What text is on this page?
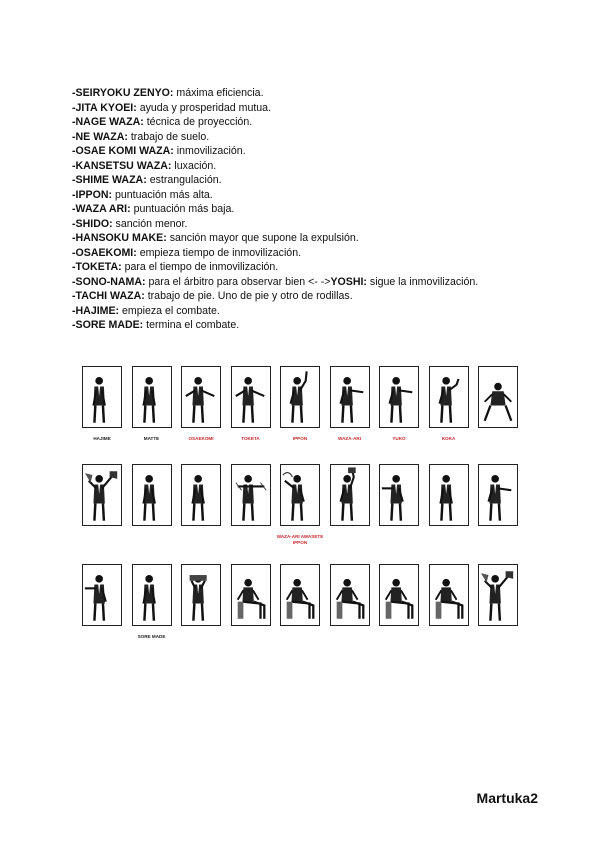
-SEIRYOKU ZENYO: máxima eficiencia.
-JITA KYOEI: ayuda y prosperidad mutua.
-NAGE WAZA: técnica de proyección.
-NE WAZA: trabajo de suelo.
-OSAE KOMI WAZA: inmovilización.
-KANSETSU WAZA: luxación.
-SHIME WAZA: estrangulación.
-IPPON: puntuación más alta.
-WAZA ARI: puntuación más baja.
-SHIDO: sanción menor.
-HANSOKU MAKE: sanción mayor que supone la expulsión.
-OSAEKOMI: empieza tiempo de inmovilización.
-TOKETA: para el tiempo de inmovilización.
-SONO-NAMA: para el árbitro para observar bien <- ->YOSHI: sigue la inmovilización.
-TACHI WAZA: trabajo de pie. Uno de pie y otro de rodillas.
-HAJIME: empieza el combate.
-SORE MADE: termina el combate.
HAJIME	MATTE	OSAEKOMI	TOKETA	IPPON	WAZA-ARI	YUKO	KOKA
WAZA-ARI AWASETE IPPON
SORE MADE
Martuka2
